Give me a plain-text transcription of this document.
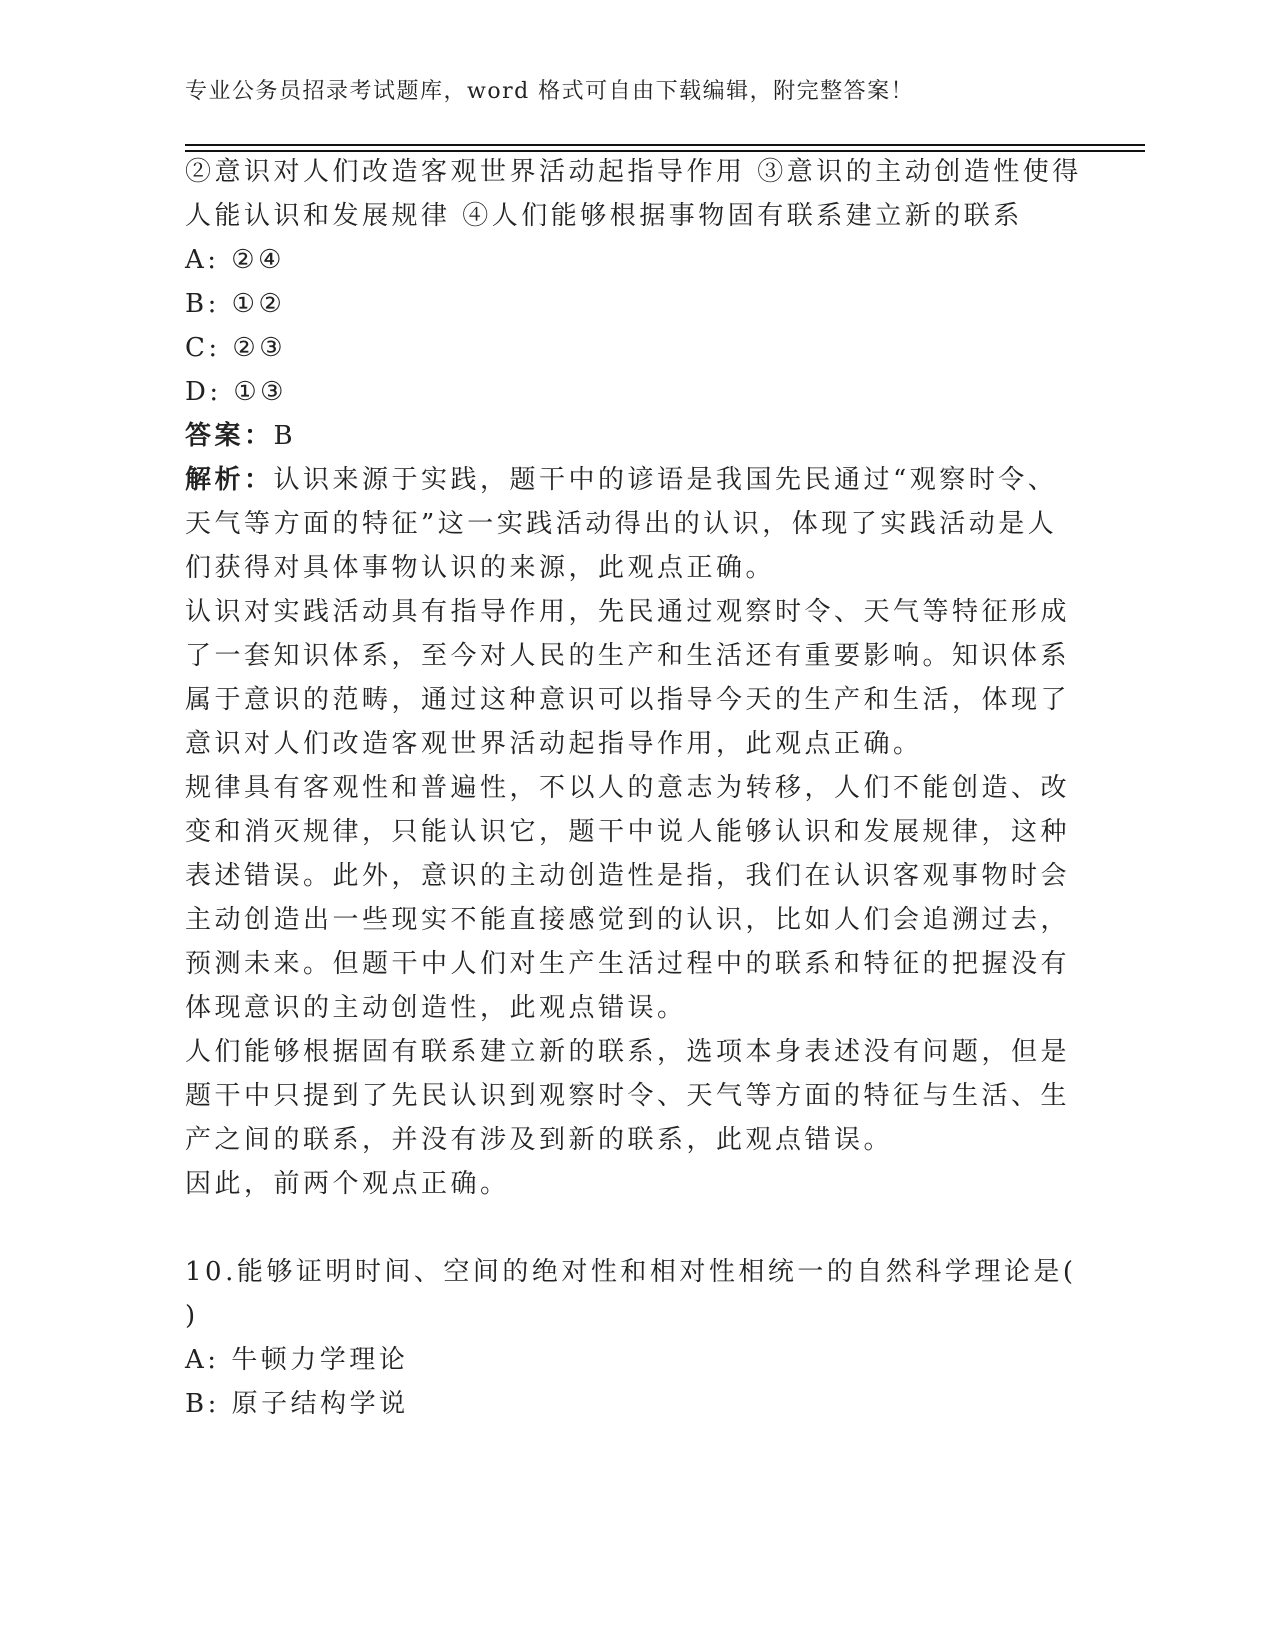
专业公务员招录考试题库，word 格式可自由下载编辑，附完整答案！
②意识对人们改造客观世界活动起指导作用 ③意识的主动创造性使得
人能认识和发展规律 ④人们能够根据事物固有联系建立新的联系
A: ②④
B: ①②
C: ②③
D: ①③
答案：B
解析：认识来源于实践，题干中的谚语是我国先民通过“观察时令、
天气等方面的特征”这一实践活动得出的认识，体现了实践活动是人
们获得对具体事物认识的来源，此观点正确。
认识对实践活动具有指导作用，先民通过观察时令、天气等特征形成
了一套知识体系，至今对人民的生产和生活还有重要影响。知识体系
属于意识的范畴，通过这种意识可以指导今天的生产和生活，体现了
意识对人们改造客观世界活动起指导作用，此观点正确。
规律具有客观性和普遍性，不以人的意志为转移，人们不能创造、改
变和消灭规律，只能认识它，题干中说人能够认识和发展规律，这种
表述错误。此外，意识的主动创造性是指，我们在认识客观事物时会
主动创造出一些现实不能直接感觉到的认识，比如人们会追溯过去，
预测未来。但题干中人们对生产生活过程中的联系和特征的把握没有
体现意识的主动创造性，此观点错误。
人们能够根据固有联系建立新的联系，选项本身表述没有问题，但是
题干中只提到了先民认识到观察时令、天气等方面的特征与生活、生
产之间的联系，并没有涉及到新的联系，此观点错误。
因此，前两个观点正确。
10.能够证明时间、空间的绝对性和相对性相统一的自然科学理论是(
)
A: 牛顿力学理论
B: 原子结构学说
